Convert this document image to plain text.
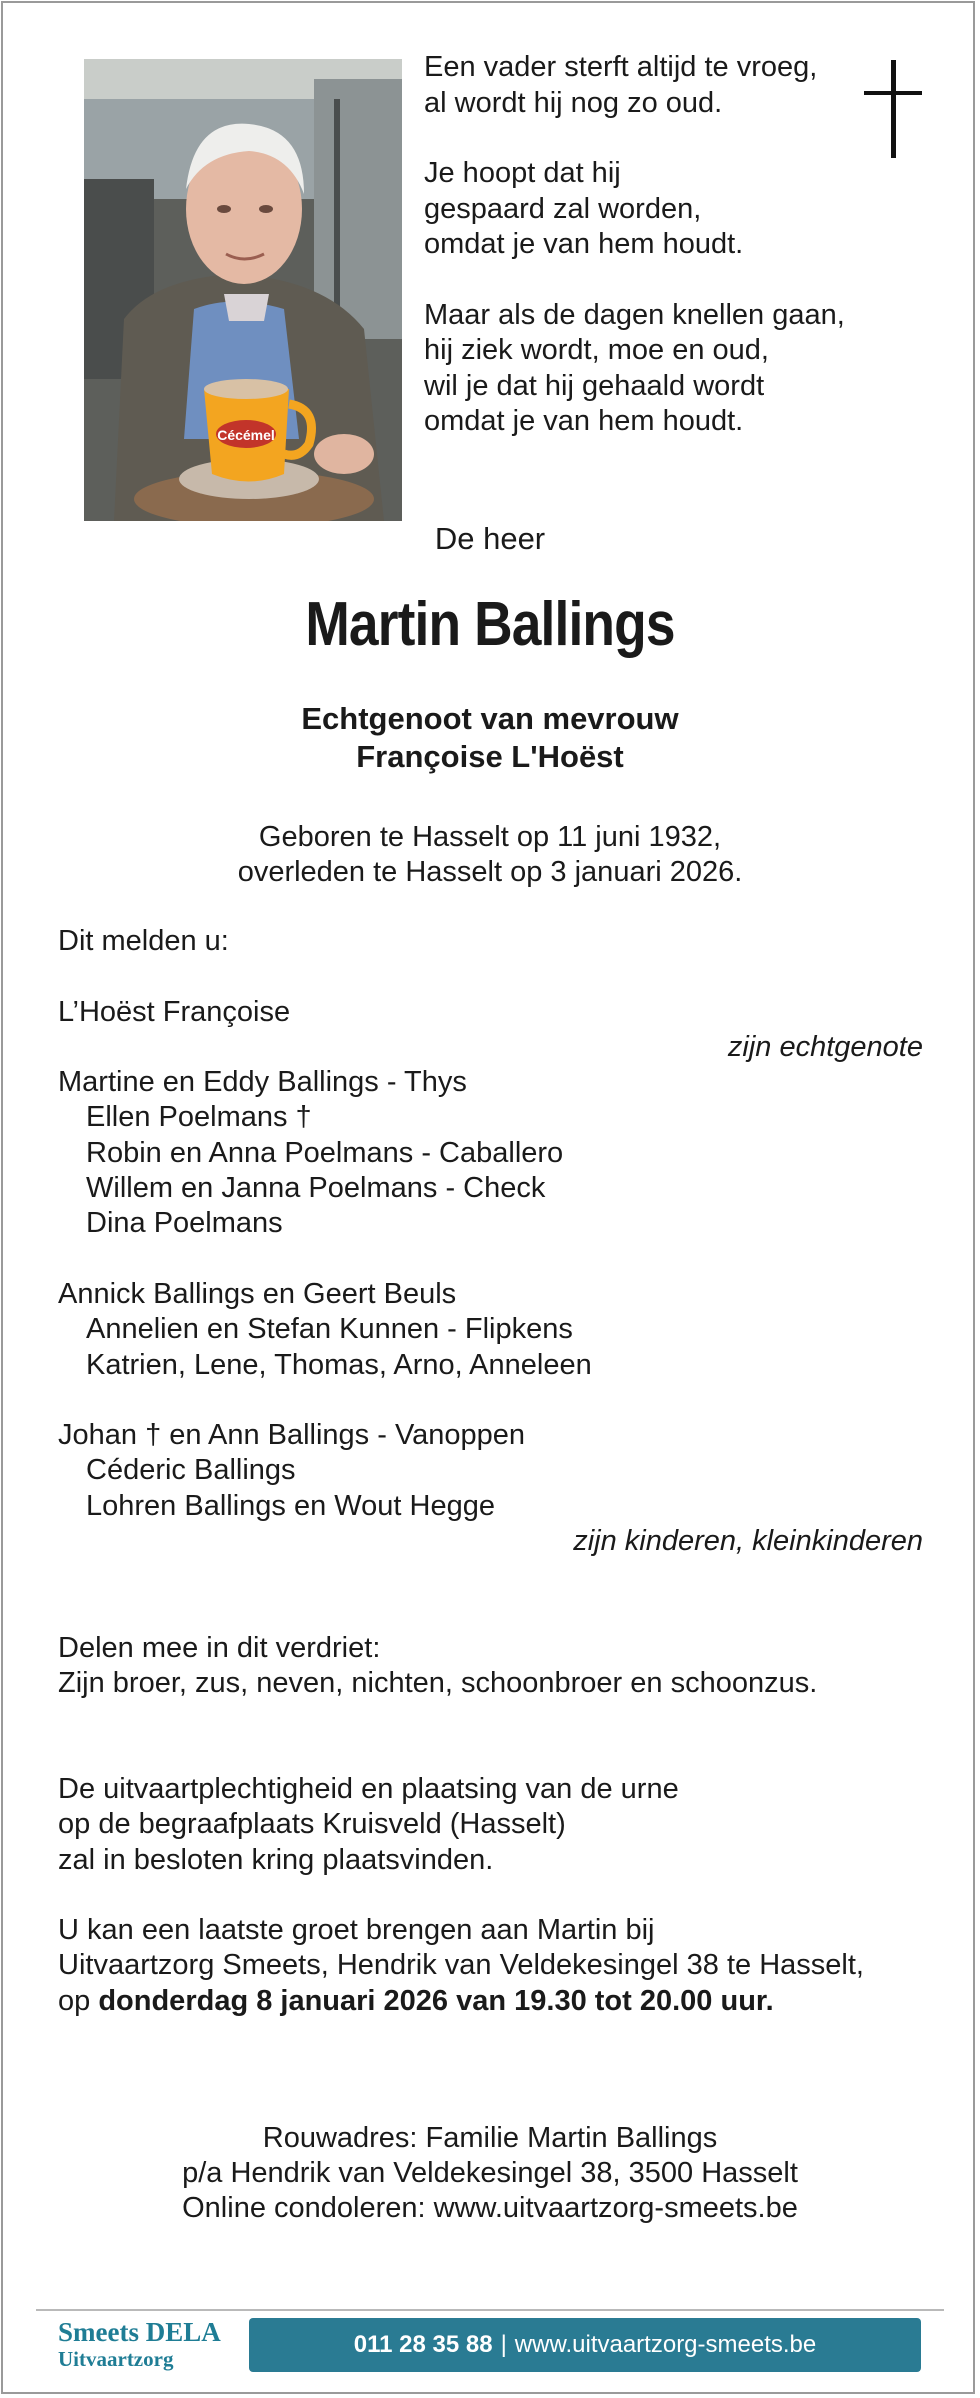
Cécémel

Een vader sterft altijd te vroeg,
al wordt hij nog zo oud.

Je hoopt dat hij
gespaard zal worden,
omdat je van hem houdt.

Maar als de dagen knellen gaan,
hij ziek wordt, moe en oud,
wil je dat hij gehaald wordt
omdat je van hem houdt.

De heer
Martin Ballings
Echtgenoot van mevrouw
Françoise L'Hoëst
Geboren te Hasselt op 11 juni 1932,
overleden te Hasselt op 3 januari 2026.
Dit melden u:
L’Hoëst Françoise
zijn echtgenote
Martine en Eddy Ballings - Thys
Ellen Poelmans †
Robin en Anna Poelmans - Caballero
Willem en Janna Poelmans - Check
Dina Poelmans
Annick Ballings en Geert Beuls
Annelien en Stefan Kunnen - Flipkens
Katrien, Lene, Thomas, Arno, Anneleen
Johan † en Ann Ballings - Vanoppen
Céderic Ballings
Lohren Ballings en Wout Hegge
zijn kinderen, kleinkinderen
Delen mee in dit verdriet:
Zijn broer, zus, neven, nichten, schoonbroer en schoonzus.
De uitvaartplechtigheid en plaatsing van de urne
op de begraafplaats Kruisveld (Hasselt)
zal in besloten kring plaatsvinden.
U kan een laatste groet brengen aan Martin bij
Uitvaartzorg Smeets, Hendrik van Veldekesingel 38 te Hasselt,
op donderdag 8 januari 2026 van 19.30 tot 20.00 uur.
Rouwadres: Familie Martin Ballings
p/a Hendrik van Veldekesingel 38, 3500 Hasselt
Online condoleren: www.uitvaartzorg-smeets.be
Smeets DELA
Uitvaartzorg
011 28 35 88 | www.uitvaartzorg-smeets.be
